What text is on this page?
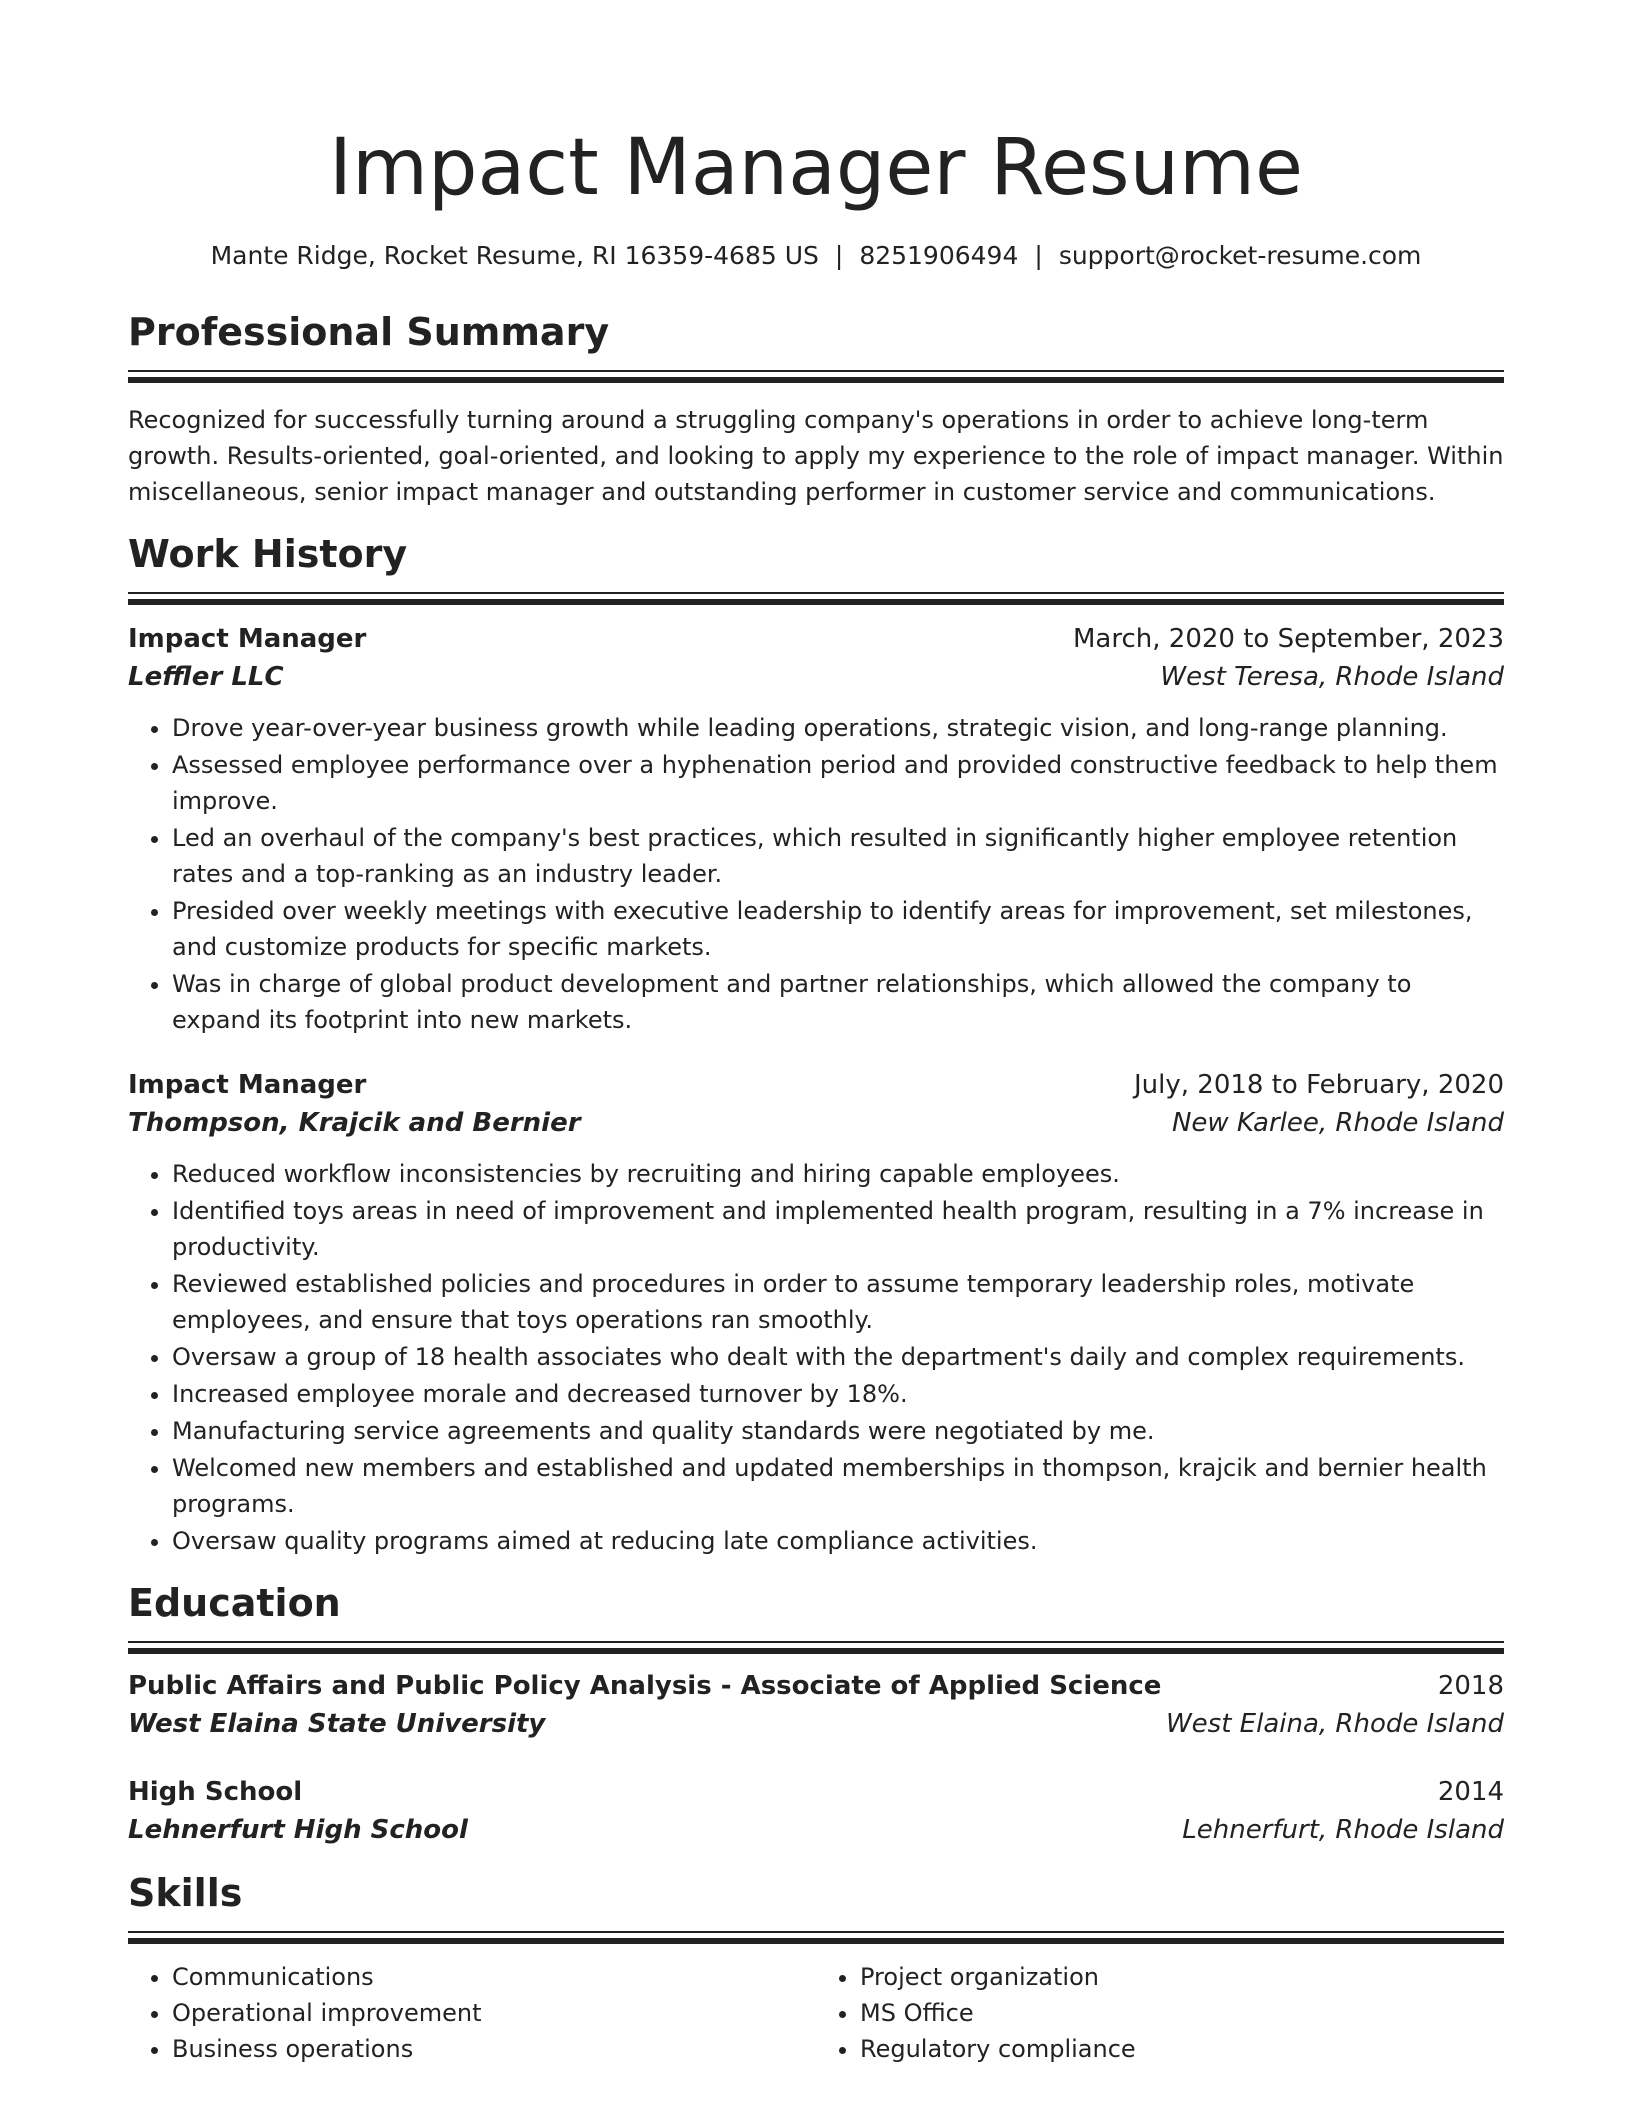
Impact Manager Resume
Mante Ridge, Rocket Resume, RI 16359-4685 US | 8251906494 | support@rocket-resume.com
Professional Summary
Recognized for successfully turning around a struggling company's operations in order to achieve long-term growth. Results-oriented, goal-oriented, and looking to apply my experience to the role of impact manager. Within miscellaneous, senior impact manager and outstanding performer in customer service and communications.
Work History
Impact Manager	March, 2020 to September, 2023
Leffler LLC	West Teresa, Rhode Island
• Drove year-over-year business growth while leading operations, strategic vision, and long-range planning.
• Assessed employee performance over a hyphenation period and provided constructive feedback to help them improve.
• Led an overhaul of the company's best practices, which resulted in significantly higher employee retention rates and a top-ranking as an industry leader.
• Presided over weekly meetings with executive leadership to identify areas for improvement, set milestones, and customize products for specific markets.
• Was in charge of global product development and partner relationships, which allowed the company to expand its footprint into new markets.
Impact Manager	July, 2018 to February, 2020
Thompson, Krajcik and Bernier	New Karlee, Rhode Island
• Reduced workflow inconsistencies by recruiting and hiring capable employees.
• Identified toys areas in need of improvement and implemented health program, resulting in a 7% increase in productivity.
• Reviewed established policies and procedures in order to assume temporary leadership roles, motivate employees, and ensure that toys operations ran smoothly.
• Oversaw a group of 18 health associates who dealt with the department's daily and complex requirements.
• Increased employee morale and decreased turnover by 18%.
• Manufacturing service agreements and quality standards were negotiated by me.
• Welcomed new members and established and updated memberships in thompson, krajcik and bernier health programs.
• Oversaw quality programs aimed at reducing late compliance activities.
Education
Public Affairs and Public Policy Analysis - Associate of Applied Science	2018
West Elaina State University	West Elaina, Rhode Island
High School	2014
Lehnerfurt High School	Lehnerfurt, Rhode Island
Skills
• Communications
• Operational improvement
• Business operations
• Project organization
• MS Office
• Regulatory compliance
